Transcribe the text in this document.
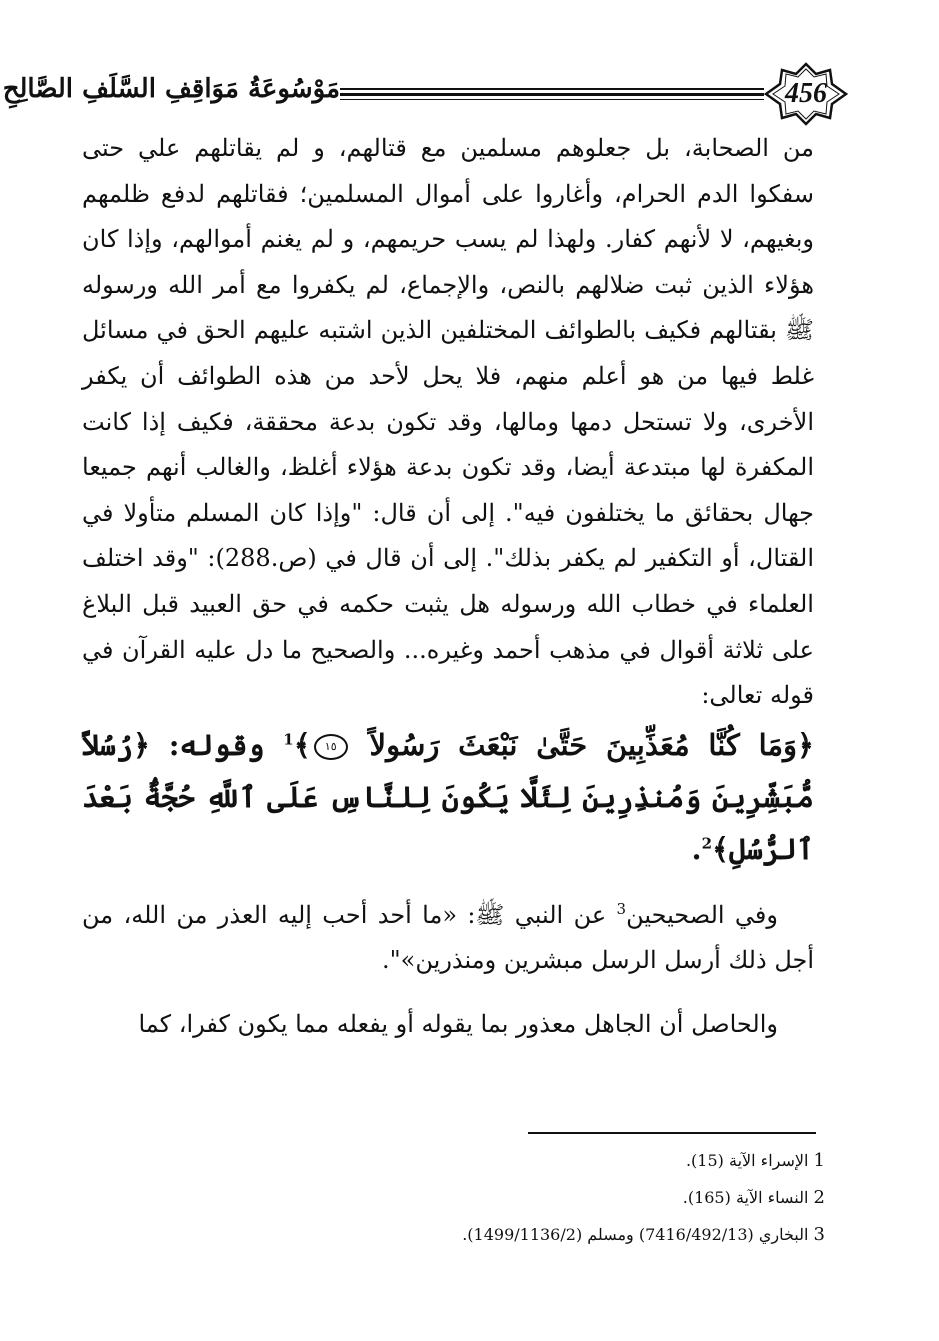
مَوْسُوعَةُ مَوَاقِفِ السَّلَفِ الصَّالِحِ	456

من الصحابة، بل جعلوهم مسلمين مع قتالهم، و لم يقاتلهم علي حتى سفكوا الدم الحرام، وأغاروا على أموال المسلمين؛ فقاتلهم لدفع ظلمهم وبغيهم، لا لأنهم كفار. ولهذا لم يسب حريمهم، و لم يغنم أموالهم، وإذا كان هؤلاء الذين ثبت ضلالهم بالنص، والإجماع، لم يكفروا مع أمر الله ورسوله ﷺ بقتالهم فكيف بالطوائف المختلفين الذين اشتبه عليهم الحق في مسائل غلط فيها من هو أعلم منهم، فلا يحل لأحد من هذه الطوائف أن يكفر الأخرى، ولا تستحل دمها ومالها، وقد تكون بدعة محققة، فكيف إذا كانت المكفرة لها مبتدعة أيضا، وقد تكون بدعة هؤلاء أغلظ، والغالب أنهم جميعا جهال بحقائق ما يختلفون فيه". إلى أن قال: "وإذا كان المسلم متأولا في القتال، أو التكفير لم يكفر بذلك". إلى أن قال في (ص.288): "وقد اختلف العلماء في خطاب الله ورسوله هل يثبت حكمه في حق العبيد قبل البلاغ على ثلاثة أقوال في مذهب أحمد وغيره... والصحيح ما دل عليه القرآن في قوله تعالى:

﴿وَمَا كُنَّا مُعَذِّبِينَ حَتَّىٰ نَبْعَثَ رَسُولاً ١٥﴾$^1$ وقوله: ﴿رُسُلاً مُّبَشِّرِينَ وَمُنذِرِينَ لِئَلَّا يَكُونَ لِلنَّاسِ عَلَى ٱللَّهِ حُجَّةٌۢ بَعْدَ ٱلرُّسُلِ﴾$^2$.

وفي الصحيحين$^3$ عن النبي ﷺ: «ما أحد أحب إليه العذر من الله، من أجل ذلك أرسل الرسل مبشرين ومنذرين»".

والحاصل أن الجاهل معذور بما يقوله أو يفعله مما يكون كفرا، كما

1 الإسراء الآية (15).
2 النساء الآية (165).
3 البخاري (7416/492/13) ومسلم (1499/1136/2).
